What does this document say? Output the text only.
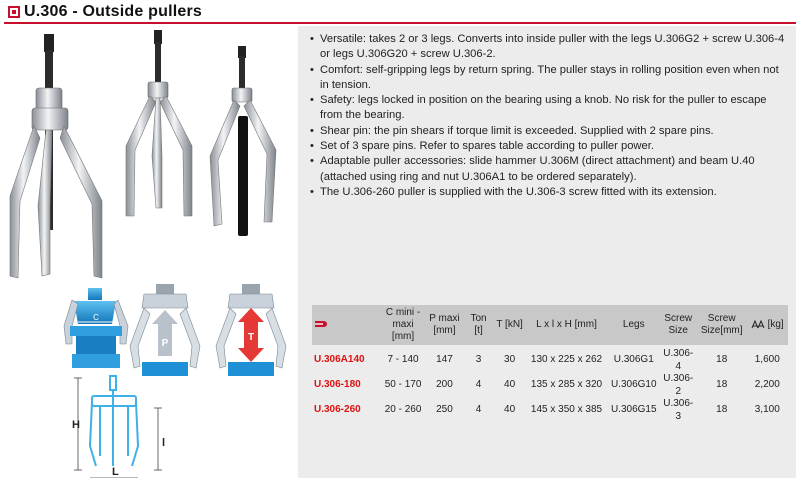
U.306 - Outside pullers
C
P
T
H
l
L
• Versatile: takes 2 or 3 legs. Converts into inside puller with the legs U.306G2 + screw U.306-4 or legs U.306G20 + screw U.306-2.
• Comfort: self-gripping legs by return spring. The puller stays in rolling position even when not in tension.
• Safety: legs locked in position on the bearing using a knob. No risk for the puller to escape from the bearing.
• Shear pin: the pin shears if torque limit is exceeded. Supplied with 2 spare pins.
• Set of 3 spare pins. Refer to spares table according to puller power.
• Adaptable puller accessories: slide hammer U.306M (direct attachment) and beam U.40 (attached using ring and nut U.306A1 to be ordered separately).
• The U.306-260 puller is supplied with the U.306-3 screw fitted with its extension.
	C mini - maxi [mm]	P maxi [mm]	Ton [t]	T [kN]	L x l x H [mm]	Legs	Screw Size	Screw Size[mm]	[kg]
U.306A140	7 - 140	147	3	30	130 x 225 x 262	U.306G1	U.306-4	18	1,600
U.306-180	50 - 170	200	4	40	135 x 285 x 320	U.306G10	U.306-2	18	2,200
U.306-260	20 - 260	250	4	40	145 x 350 x 385	U.306G15	U.306-3	18	3,100
